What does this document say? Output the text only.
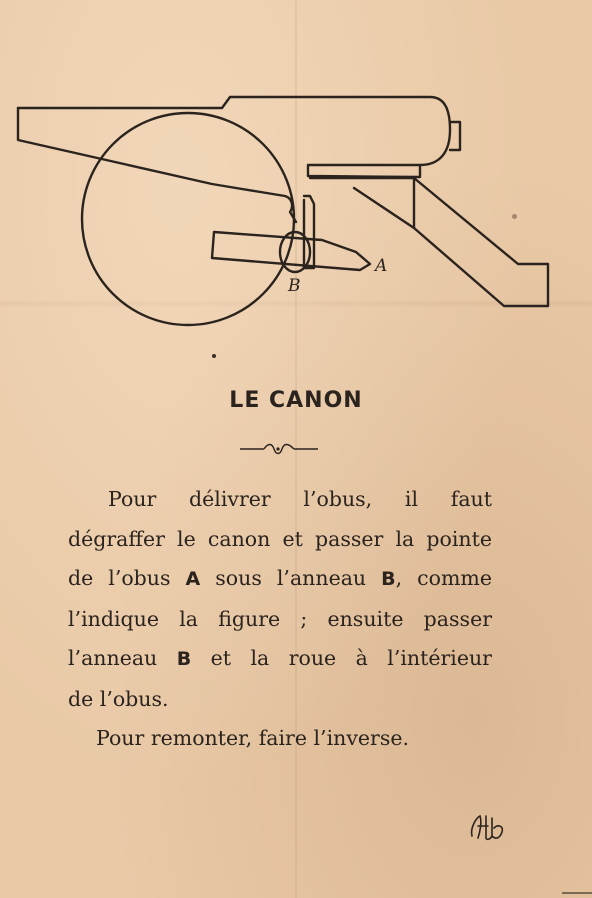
A
B
LE CANON

Pour délivrer l’obus, il faut
dégraffer le canon et passer la pointe
de l’obus A sous l’anneau B, comme
l’indique la figure ; ensuite passer
l’anneau B et la roue à l’intérieur
de l’obus.

Pour remonter, faire l’inverse.
